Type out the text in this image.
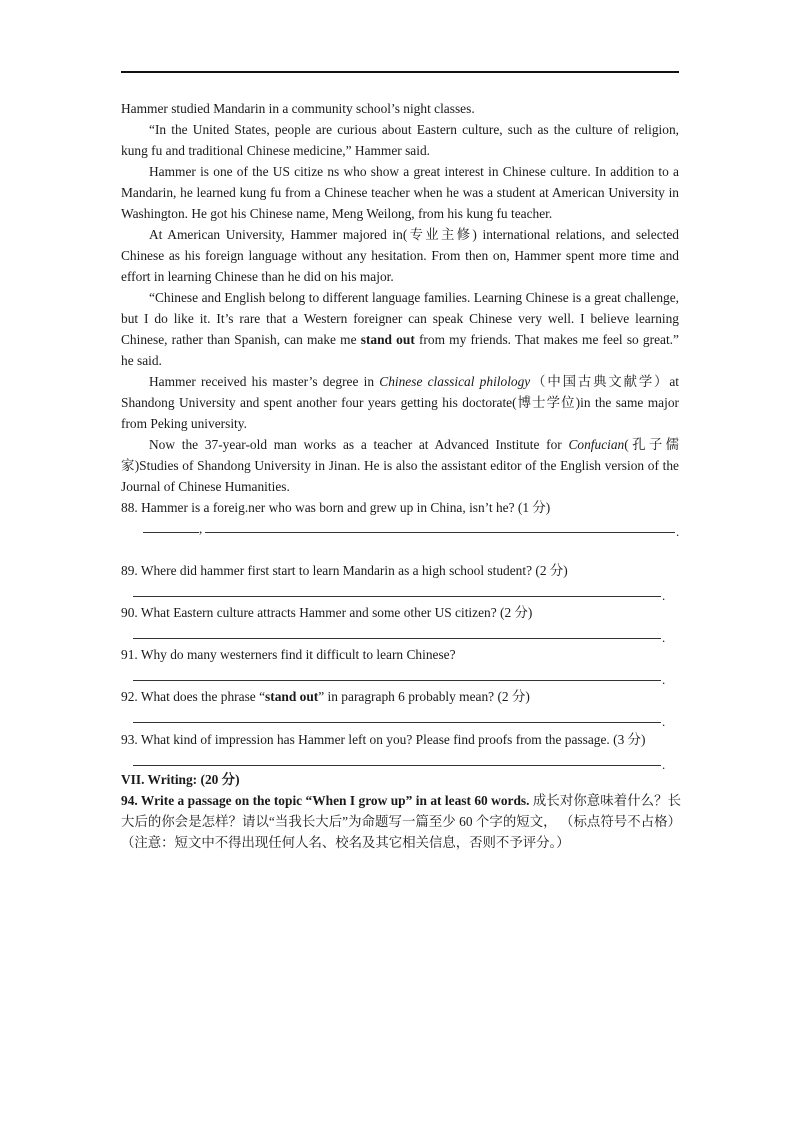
Hammer studied Mandarin in a community school’s night classes.

“In the United States, people are curious about Eastern culture, such as the culture of religion, kung fu and traditional Chinese medicine,” Hammer said.

Hammer is one of the US citize ns who show a great interest in Chinese culture. In addition to a Mandarin, he learned kung fu from a Chinese teacher when he was a student at American University in Washington. He got his Chinese name, Meng Weilong, from his kung fu teacher.

At American University, Hammer majored in(专业主修) international relations, and selected Chinese as his foreign language without any hesitation. From then on, Hammer spent more time and effort in learning Chinese than he did on his major.

“Chinese and English belong to different language families. Learning Chinese is a great challenge, but I do like it. It’s rare that a Western foreigner can speak Chinese very well. I believe learning Chinese, rather than Spanish, can make me stand out from my friends. That makes me feel so great.” he said.

Hammer received his master’s degree in Chinese classical philology（中国古典文献学）at Shandong University and spent another four years getting his doctorate(博士学位)in the same major from Peking university.

Now the 37-year-old man works as a teacher at Advanced Institute for Confucian(孔子儒家)Studies of Shandong University in Jinan. He is also the assistant editor of the English version of the Journal of Chinese Humanities.

88. Hammer is a foreig.ner who was born and grew up in China, isn’t he? (1 分)
,	.
89. Where did hammer first start to learn Mandarin as a high school student? (2 分)
.
90. What Eastern culture attracts Hammer and some other US citizen? (2 分)
.
91. Why do many westerners find it difficult to learn Chinese?
.
92. What does the phrase “stand out” in paragraph 6 probably mean? (2 分)
.
93. What kind of impression has Hammer left on you? Please find proofs from the passage. (3 分)
.
VII. Writing: (20 分)
94. Write a passage on the topic “When I grow up” in at least 60 words. 成长对你意味着什么？长大后的你会是怎样？请以“当我长大后”为命题写一篇至少 60 个字的短文， （标点符号不占格）（注意：短文中不得出现任何人名、校名及其它相关信息，否则不予评分。）
